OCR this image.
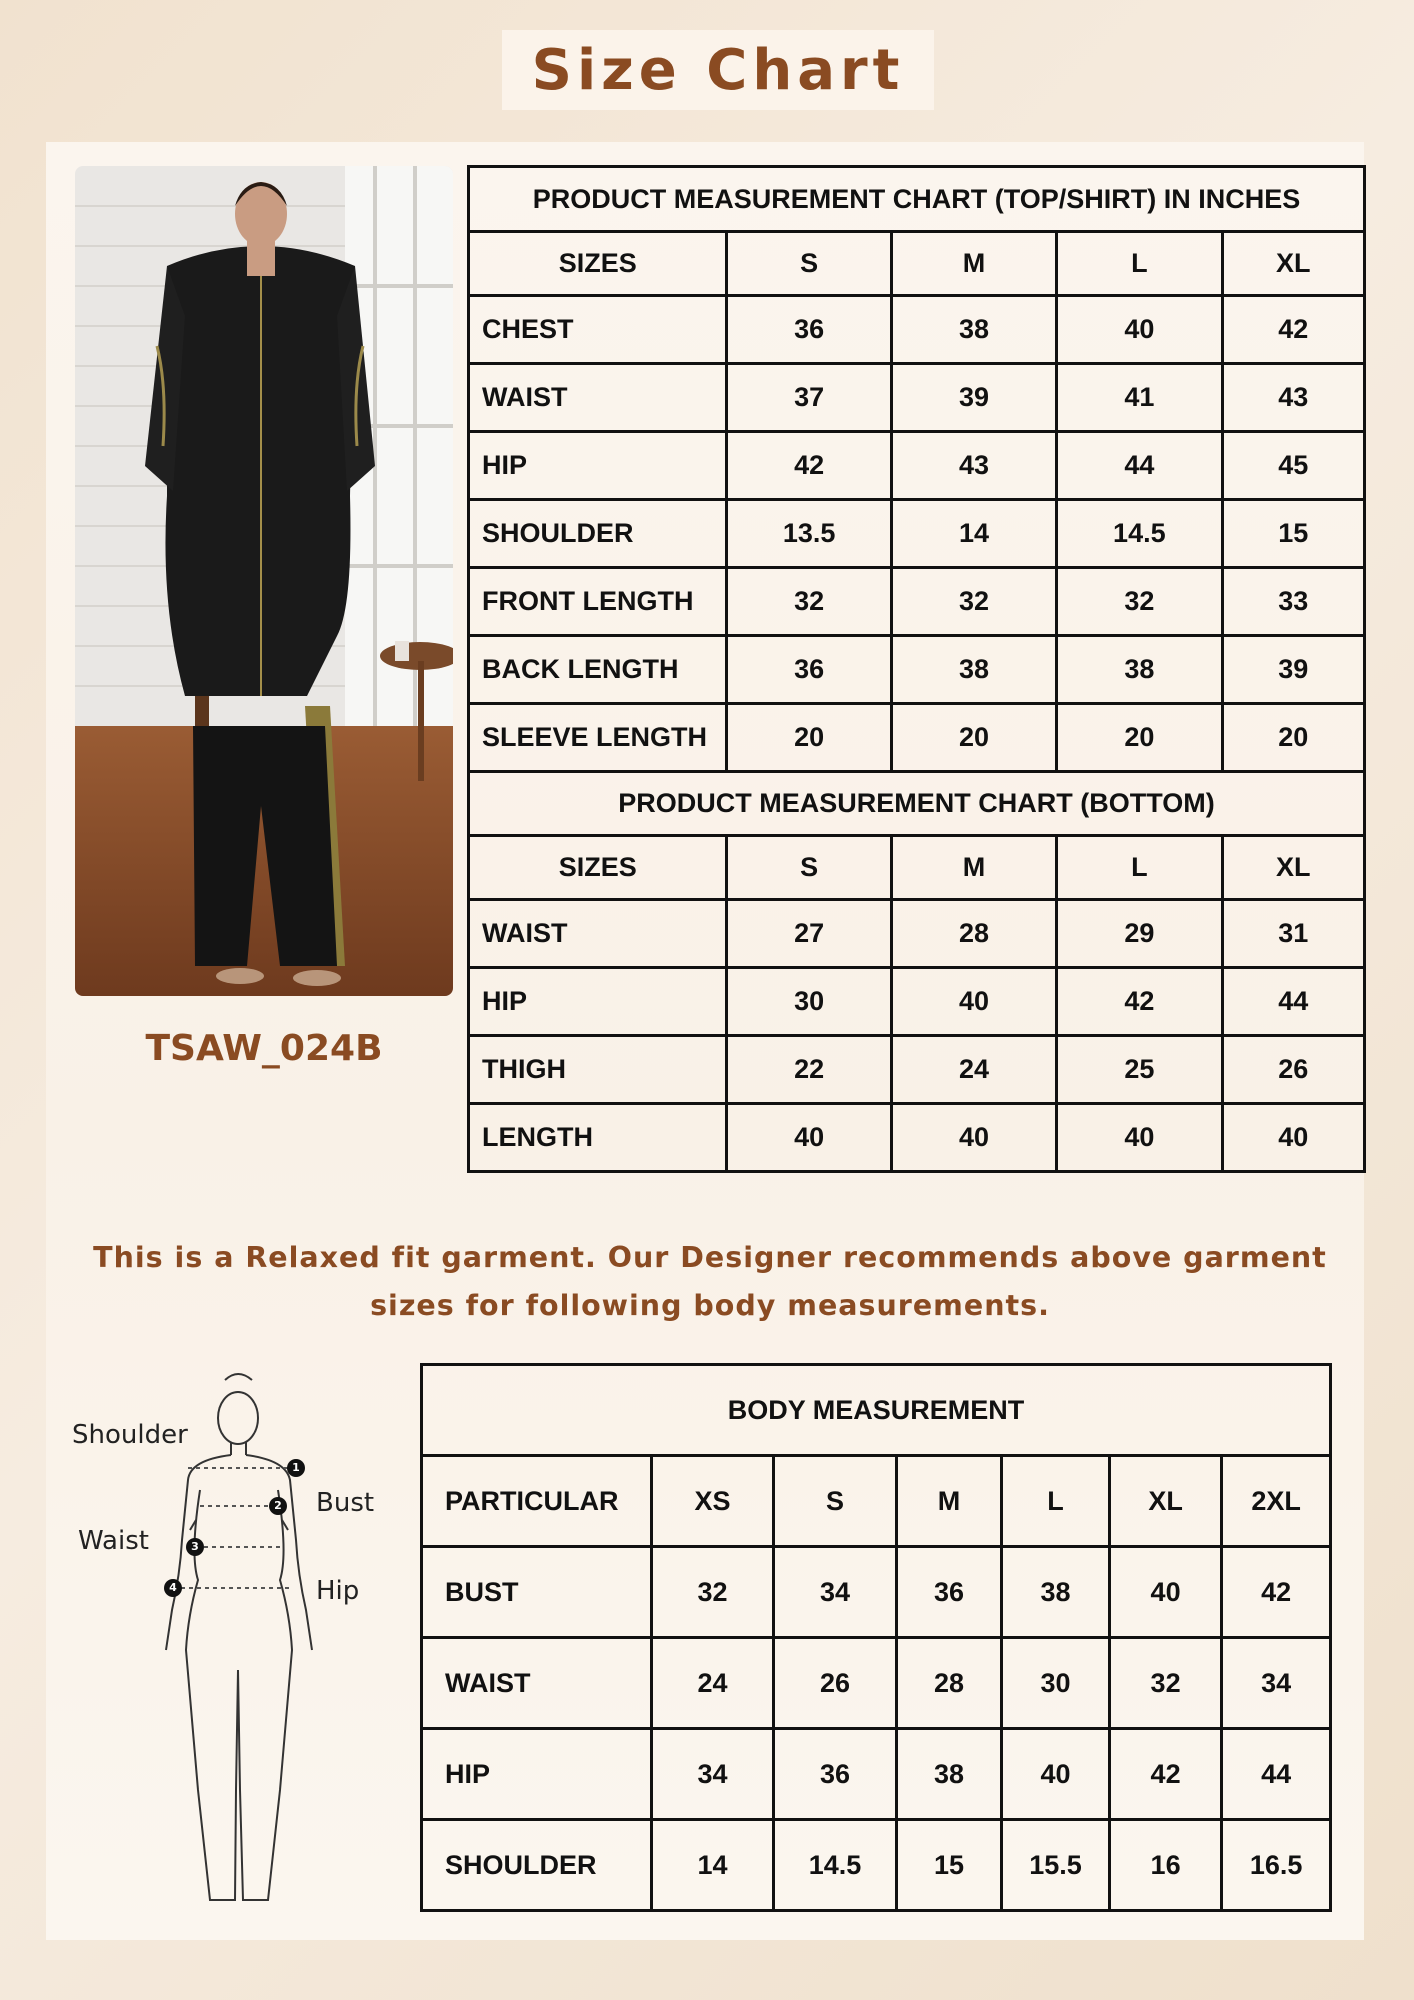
Size Chart
TSAW_024B
PRODUCT MEASUREMENT CHART (TOP/SHIRT) IN INCHES				
SIZES	S	M	L	XL
CHEST	36	38	40	42
WAIST	37	39	41	43
HIP	42	43	44	45
SHOULDER	13.5	14	14.5	15
FRONT LENGTH	32	32	32	33
BACK LENGTH	36	38	38	39
SLEEVE LENGTH	20	20	20	20
PRODUCT MEASUREMENT CHART (BOTTOM)				
SIZES	S	M	L	XL
WAIST	27	28	29	31
HIP	30	40	42	44
THIGH	22	24	25	26
LENGTH	40	40	40	40
This is a Relaxed fit garment. Our Designer recommends above garment
sizes for following body measurements.
1
2
3
4
Shoulder
Bust
Waist
Hip
BODY MEASUREMENT						
PARTICULAR	XS	S	M	L	XL	2XL
BUST	32	34	36	38	40	42
WAIST	24	26	28	30	32	34
HIP	34	36	38	40	42	44
SHOULDER	14	14.5	15	15.5	16	16.5
